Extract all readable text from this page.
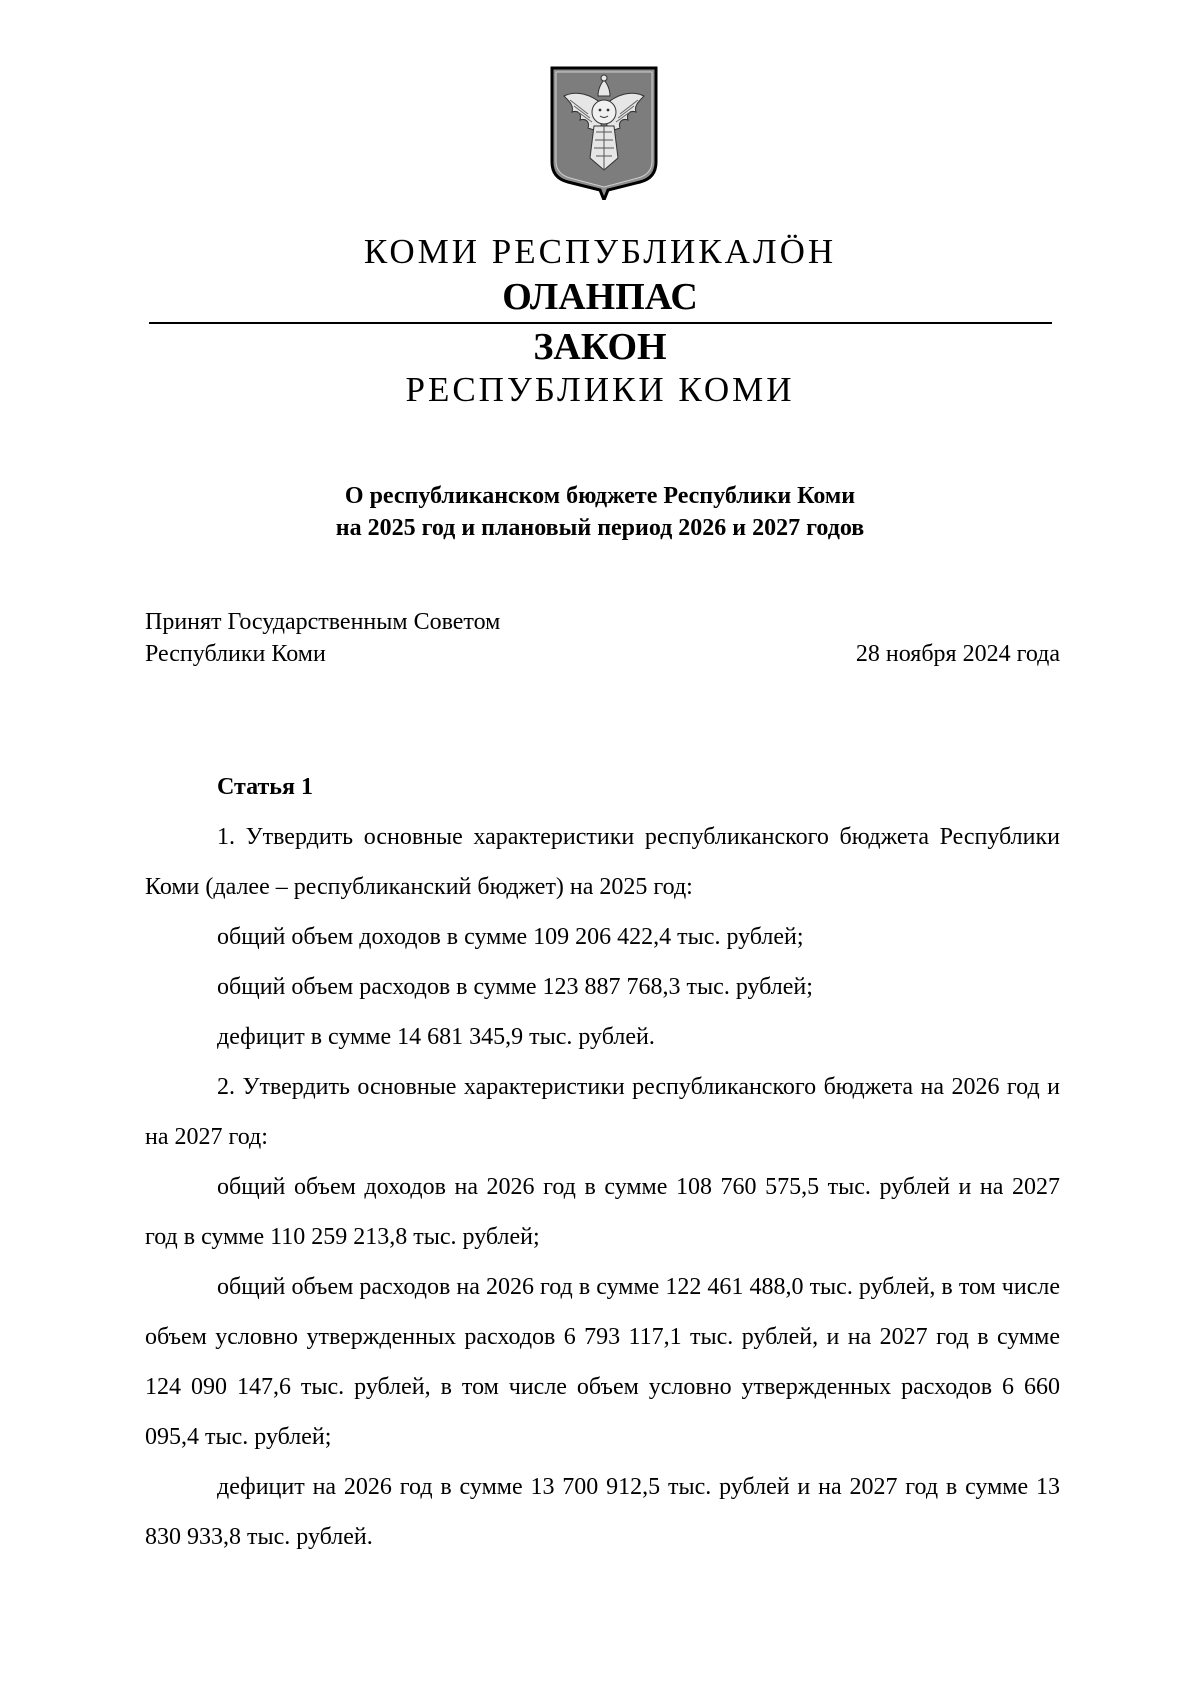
КОМИ РЕСПУБЛИКАЛӦН
ОЛАНПАС
ЗАКОН
РЕСПУБЛИКИ КОМИ
О республиканском бюджете Республики Коми
на 2025 год и плановый период 2026 и 2027 годов
Принят Государственным Советом
Республики Коми	28 ноября 2024 года

Статья 1

1. Утвердить основные характеристики республиканского бюджета Республики Коми (далее – республиканский бюджет) на 2025 год:

общий объем доходов в сумме 109 206 422,4 тыс. рублей;

общий объем расходов в сумме 123 887 768,3 тыс. рублей;

дефицит в сумме 14 681 345,9 тыс. рублей.

2. Утвердить основные характеристики республиканского бюджета на 2026 год и на 2027 год:

общий объем доходов на 2026 год в сумме 108 760 575,5 тыс. рублей и на 2027 год в сумме 110 259 213,8 тыс. рублей;

общий объем расходов на 2026 год в сумме 122 461 488,0 тыс. рублей, в том числе объем условно утвержденных расходов 6 793 117,1 тыс. рублей, и на 2027 год в сумме 124 090 147,6 тыс. рублей, в том числе объем условно утвержденных расходов 6 660 095,4 тыс. рублей;

дефицит на 2026 год в сумме 13 700 912,5 тыс. рублей и на 2027 год в сумме 13 830 933,8 тыс. рублей.
